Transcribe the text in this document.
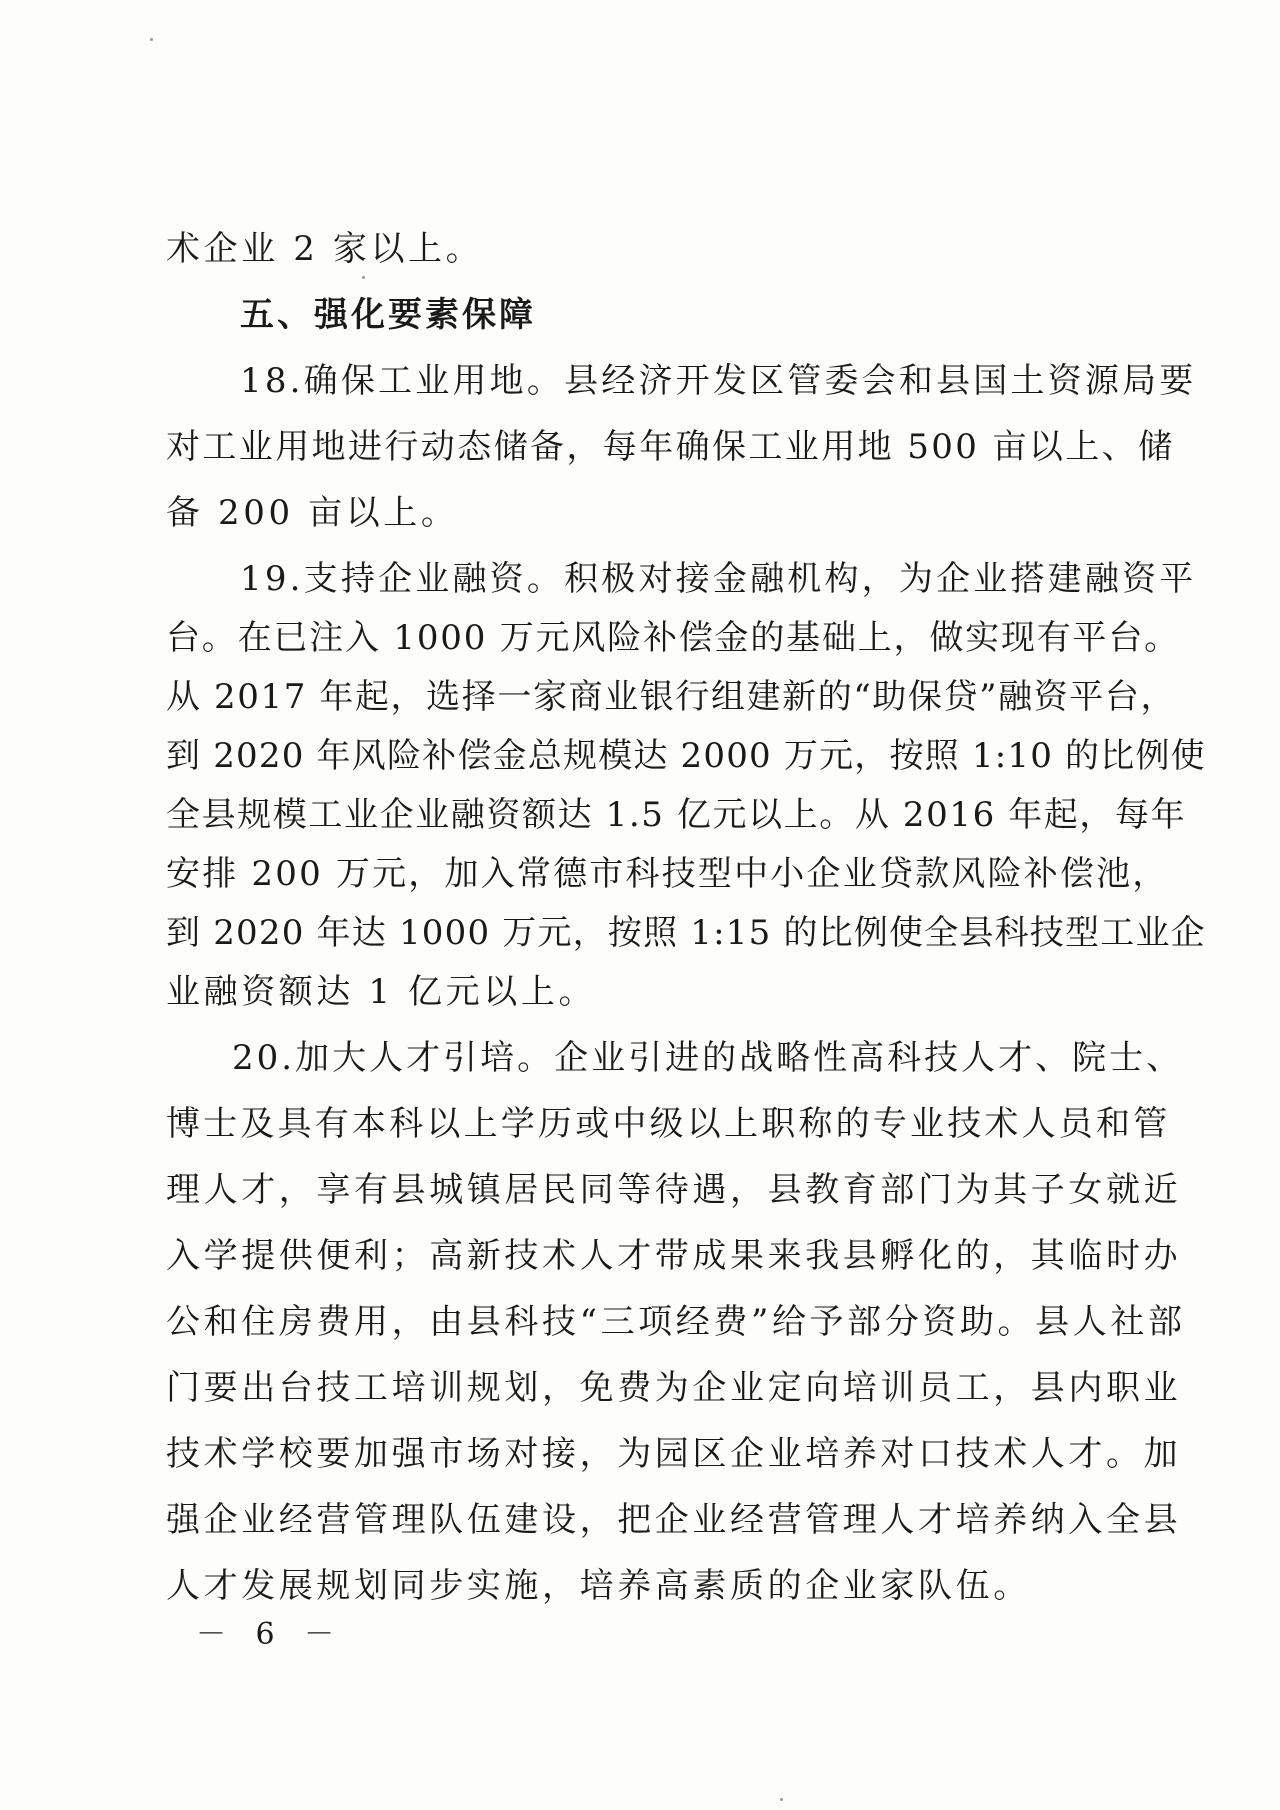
术企业 2 家以上。
五、强化要素保障
18.确保工业用地。县经济开发区管委会和县国土资源局要
对工业用地进行动态储备，每年确保工业用地 500 亩以上、储
备 200 亩以上。
19.支持企业融资。积极对接金融机构，为企业搭建融资平
台。在已注入 1000 万元风险补偿金的基础上，做实现有平台。
从 2017 年起，选择一家商业银行组建新的“助保贷”融资平台，
到 2020 年风险补偿金总规模达 2000 万元，按照 1:10 的比例使
全县规模工业企业融资额达 1.5 亿元以上。从 2016 年起，每年
安排 200 万元，加入常德市科技型中小企业贷款风险补偿池，
到 2020 年达 1000 万元，按照 1:15 的比例使全县科技型工业企
业融资额达 1 亿元以上。
20.加大人才引培。企业引进的战略性高科技人才、院士、
博士及具有本科以上学历或中级以上职称的专业技术人员和管
理人才，享有县城镇居民同等待遇，县教育部门为其子女就近
入学提供便利；高新技术人才带成果来我县孵化的，其临时办
公和住房费用，由县科技“三项经费”给予部分资助。县人社部
门要出台技工培训规划，免费为企业定向培训员工，县内职业
技术学校要加强市场对接，为园区企业培养对口技术人才。加
强企业经营管理队伍建设，把企业经营管理人才培养纳入全县
人才发展规划同步实施，培养高素质的企业家队伍。
－ 6 －
